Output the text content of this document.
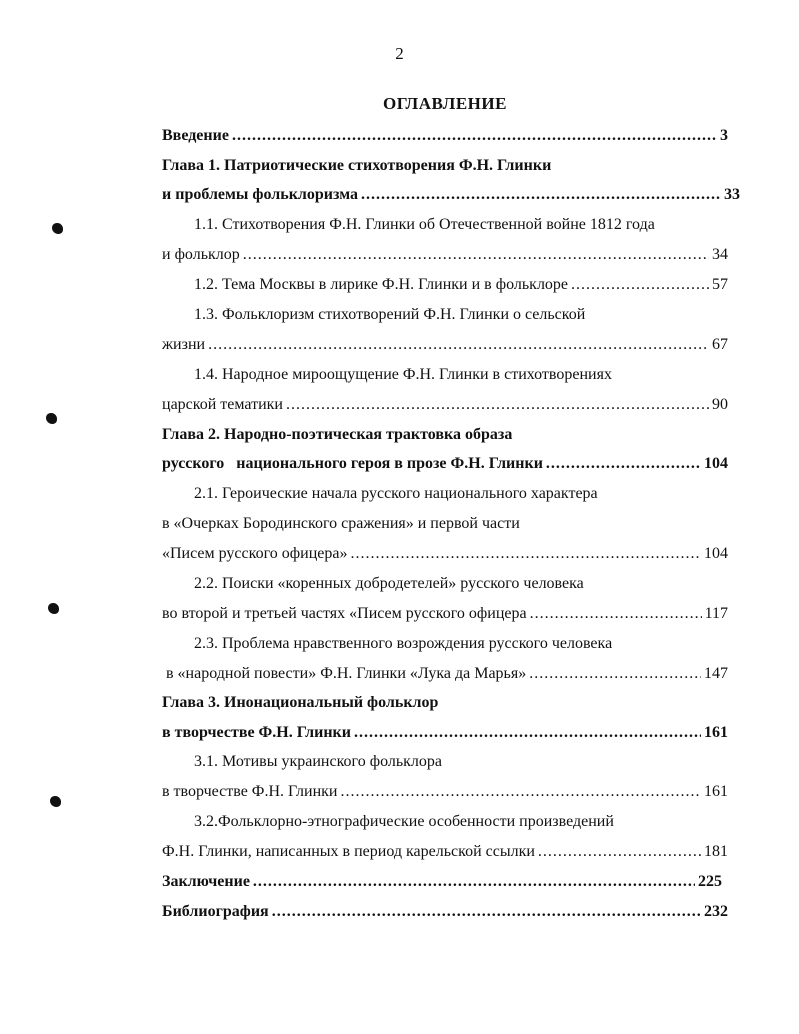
2
ОГЛАВЛЕНИЕ
Введение .....	3
Глава 1. Патриотические стихотворения Ф.Н. Глинки
и проблемы фольклоризма .....	33
1.1. Стихотворения Ф.Н. Глинки об Отечественной войне 1812 года
и фольклор .....	34
1.2. Тема Москвы в лирике Ф.Н. Глинки и в фольклоре .....	57
1.3. Фольклоризм стихотворений Ф.Н. Глинки о сельской
жизни .....	67
1.4. Народное мироощущение Ф.Н. Глинки в стихотворениях
царской тематики .....	90
Глава 2. Народно-поэтическая трактовка образа
русского   национального героя в прозе Ф.Н. Глинки .....	104
2.1. Героические начала русского национального характера
в «Очерках Бородинского сражения» и первой части
«Писем русского офицера» .....	104
2.2. Поиски «коренных добродетелей» русского человека
во второй и третьей частях «Писем русского офицера .....	117
2.3. Проблема нравственного возрождения русского человека
в «народной повести» Ф.Н. Глинки «Лука да Марья» .....	147
Глава 3. Инонациональный фольклор
в творчестве Ф.Н. Глинки .....	161
3.1. Мотивы украинского фольклора
в творчестве Ф.Н. Глинки .....	161
3.2.Фольклорно-этнографические особенности произведений
Ф.Н. Глинки, написанных в период карельской ссылки .....	181
Заключение .....	225
Библиография .....	232
